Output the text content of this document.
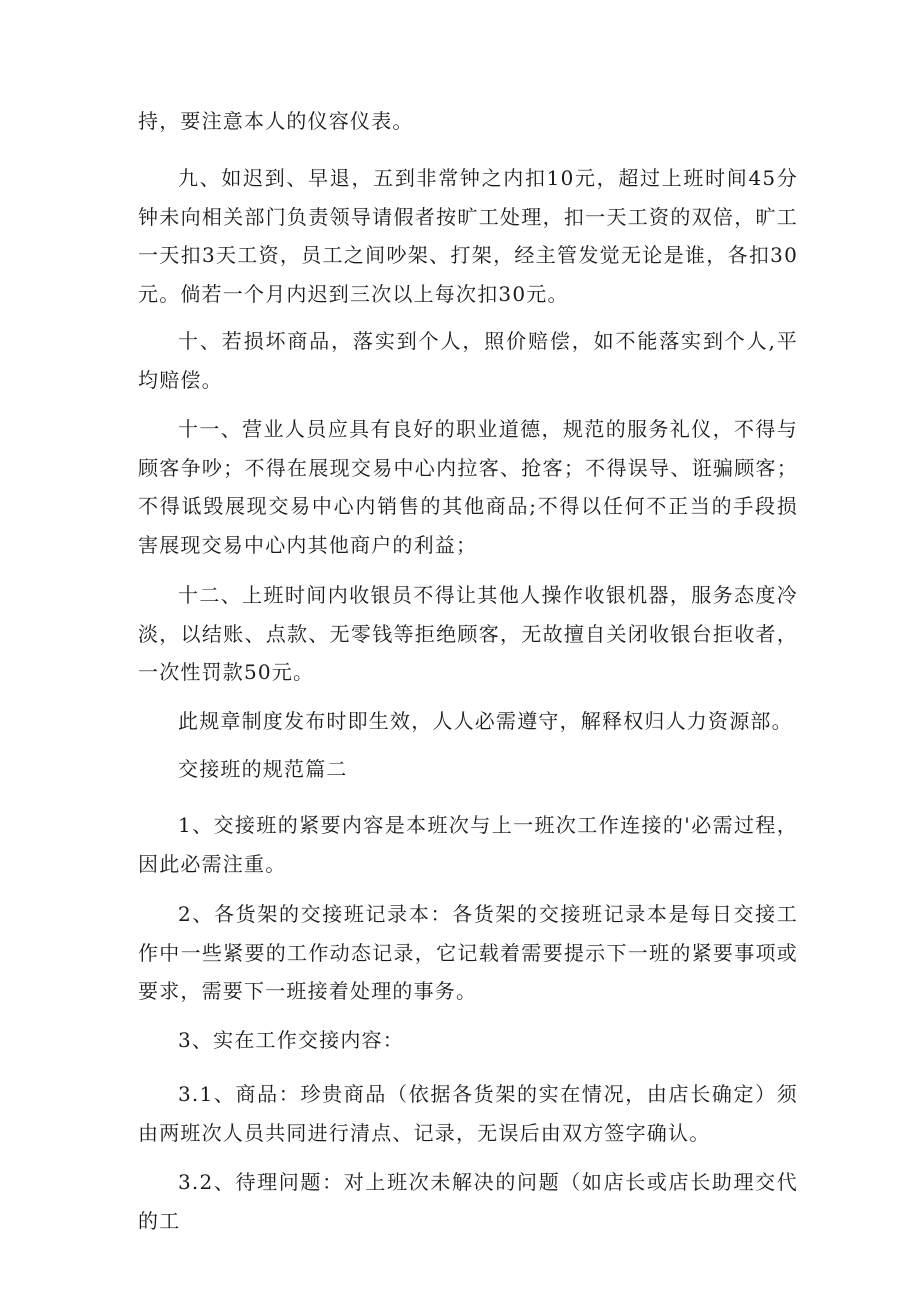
持，要注意本人的仪容仪表。

九、如迟到、早退，五到非常钟之内扣10元，超过上班时间45分钟未向相关部门负责领导请假者按旷工处理，扣一天工资的双倍，旷工一天扣3天工资，员工之间吵架、打架，经主管发觉无论是谁，各扣30元。倘若一个月内迟到三次以上每次扣30元。

十、若损坏商品，落实到个人，照价赔偿，如不能落实到个人,平均赔偿。

十一、营业人员应具有良好的职业道德，规范的服务礼仪，不得与顾客争吵；不得在展现交易中心内拉客、抢客；不得误导、诳骗顾客；不得诋毁展现交易中心内销售的其他商品;不得以任何不正当的手段损害展现交易中心内其他商户的利益；

十二、上班时间内收银员不得让其他人操作收银机器，服务态度冷淡，以结账、点款、无零钱等拒绝顾客，无故擅自关闭收银台拒收者，一次性罚款50元。

此规章制度发布时即生效，人人必需遵守，解释权归人力资源部。

交接班的规范篇二

1、交接班的紧要内容是本班次与上一班次工作连接的'必需过程，因此必需注重。

2、各货架的交接班记录本：各货架的交接班记录本是每日交接工作中一些紧要的工作动态记录，它记载着需要提示下一班的紧要事项或要求，需要下一班接着处理的事务。

3、实在工作交接内容：

3.1、商品：珍贵商品（依据各货架的实在情况，由店长确定）须由两班次人员共同进行清点、记录，无误后由双方签字确认。

3.2、待理问题：对上班次未解决的问题（如店长或店长助理交代的工
